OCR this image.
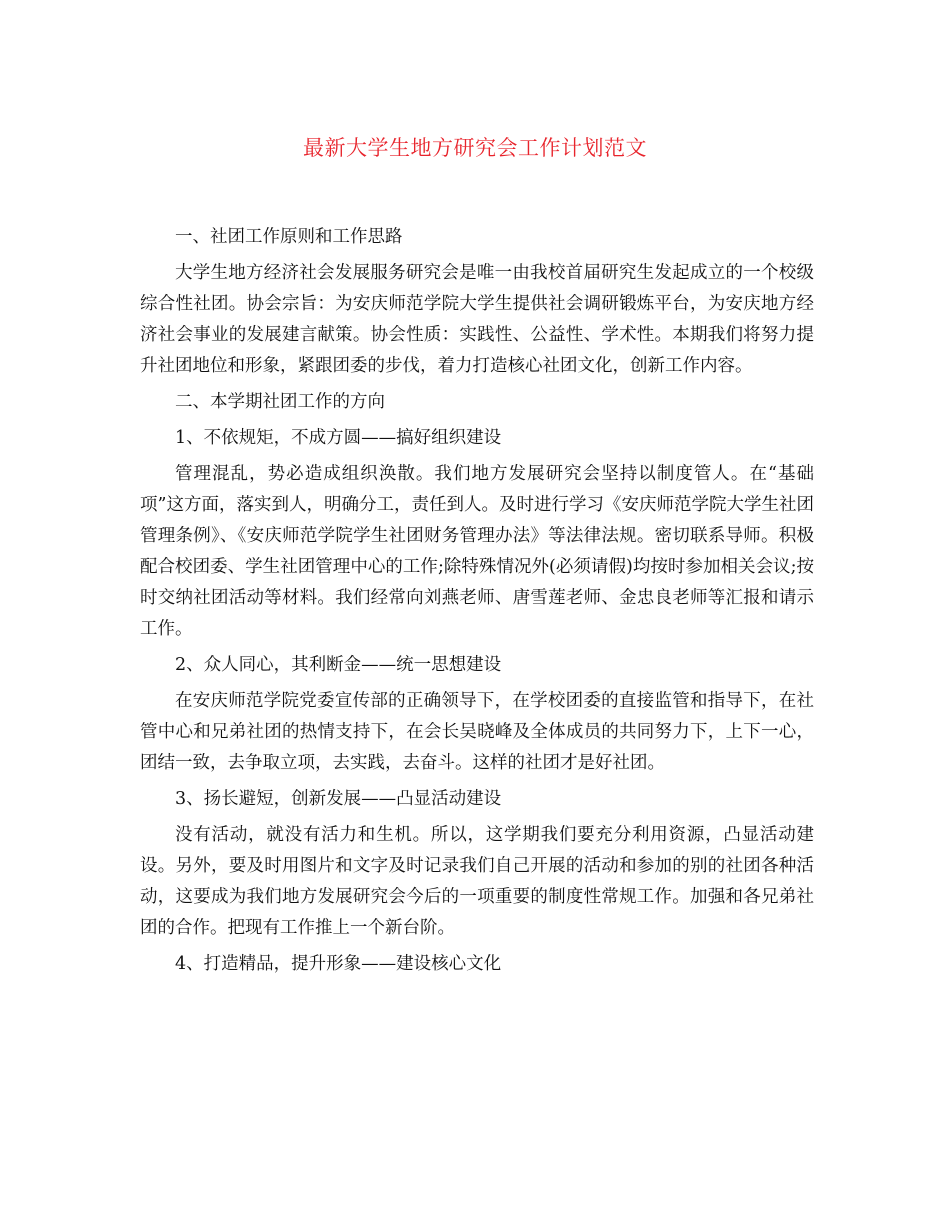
最新大学生地方研究会工作计划范文

一、社团工作原则和工作思路

大学生地方经济社会发展服务研究会是唯一由我校首届研究生发起成立的一个校级综合性社团。协会宗旨：为安庆师范学院大学生提供社会调研锻炼平台，为安庆地方经济社会事业的发展建言献策。协会性质：实践性、公益性、学术性。本期我们将努力提升社团地位和形象，紧跟团委的步伐，着力打造核心社团文化，创新工作内容。

二、本学期社团工作的方向

1、不依规矩，不成方圆——搞好组织建设

管理混乱，势必造成组织涣散。我们地方发展研究会坚持以制度管人。在“基础项”这方面，落实到人，明确分工，责任到人。及时进行学习《安庆师范学院大学生社团管理条例》、《安庆师范学院学生社团财务管理办法》等法律法规。密切联系导师。积极配合校团委、学生社团管理中心的工作;除特殊情况外(必须请假)均按时参加相关会议;按时交纳社团活动等材料。我们经常向刘燕老师、唐雪莲老师、金忠良老师等汇报和请示工作。

2、众人同心，其利断金——统一思想建设

在安庆师范学院党委宣传部的正确领导下，在学校团委的直接监管和指导下，在社管中心和兄弟社团的热情支持下，在会长吴晓峰及全体成员的共同努力下，上下一心，团结一致，去争取立项，去实践，去奋斗。这样的社团才是好社团。

3、扬长避短，创新发展——凸显活动建设

没有活动，就没有活力和生机。所以，这学期我们要充分利用资源，凸显活动建设。另外，要及时用图片和文字及时记录我们自己开展的活动和参加的别的社团各种活动，这要成为我们地方发展研究会今后的一项重要的制度性常规工作。加强和各兄弟社团的合作。把现有工作推上一个新台阶。

4、打造精品，提升形象——建设核心文化
